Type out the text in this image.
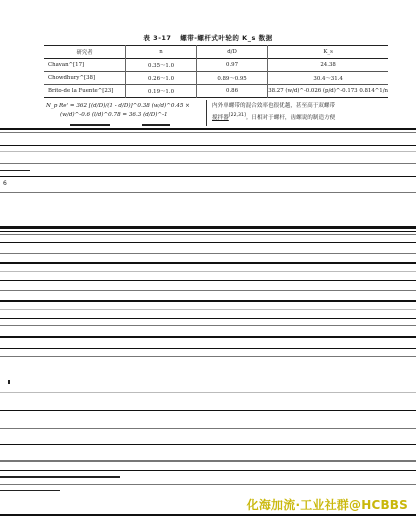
表 3-17 螺带-螺杆式叶轮的 K_s 数据
研究者	n	d/D	K_s
Chavan^[17]	0.35～1.0	0.97	24.38
Chowdhury^[38]	0.26～1.0	0.89～0.95	30.4～31.4
Brito-de la Fuente^[23]	0.19～1.0	0.86	38.27 (w/d)^-0.026 (p/d)^-0.173 0.814^1/n
N_p Re' = 362 [(d/D)/(1 - d/D)]^0.38 (w/d)^0.45 ×
(w/d)^-0.6 (l/d)^0.78 = 36.3 (d/D)^-1
内外单螺带的混合效率也很优越，甚至高于双螺带
搅拌器[22,31]。日相对于螺杆，齿螺说的制造方便
6
化海加流·工业社群@HCBBS
